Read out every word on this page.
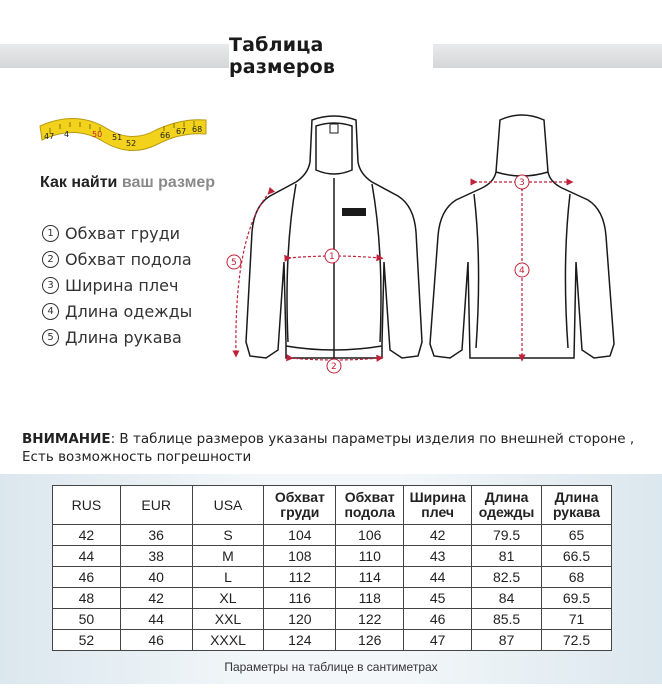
Таблица размеров
47 4	50 51
52
66 67 68
Как найти ваш размер
1 Обхват груди
2 Обхват подола
3 Ширина плеч
4 Длина одежды
5 Длина рукава
1
2
5
3
4
ВНИМАНИЕ: В таблице размеров указаны параметры изделия по внешней стороне ,
Есть возможность погрешности
RUS	EUR	USA	Обхват груди	Обхват подола	Ширина плеч	Длина одежды	Длина рукава
42	36	S	104	106	42	79.5	65
44	38	M	108	110	43	81	66.5
46	40	L	112	114	44	82.5	68
48	42	XL	116	118	45	84	69.5
50	44	XXL	120	122	46	85.5	71
52	46	XXXL	124	126	47	87	72.5
Параметры на таблице в сантиметрах
